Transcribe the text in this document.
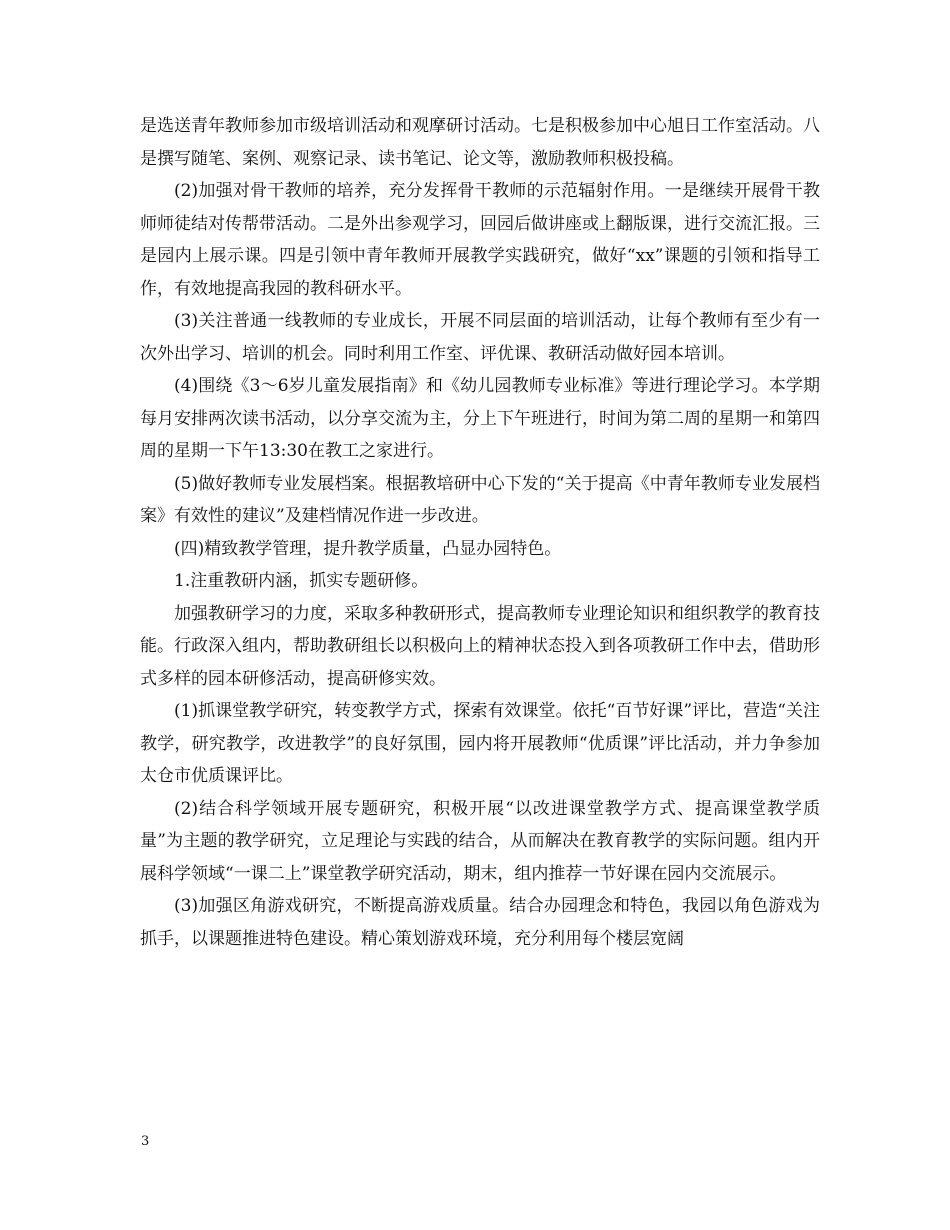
是选送青年教师参加市级培训活动和观摩研讨活动。七是积极参加中心旭日工作室活动。八是撰写随笔、案例、观察记录、读书笔记、论文等，激励教师积极投稿。

(2)加强对骨干教师的培养，充分发挥骨干教师的示范辐射作用。一是继续开展骨干教师师徒结对传帮带活动。二是外出参观学习，回园后做讲座或上翻版课，进行交流汇报。三是园内上展示课。四是引领中青年教师开展教学实践研究，做好“xx”课题的引领和指导工作，有效地提高我园的教科研水平。

(3)关注普通一线教师的专业成长，开展不同层面的培训活动，让每个教师有至少有一次外出学习、培训的机会。同时利用工作室、评优课、教研活动做好园本培训。

(4)围绕《3～6岁儿童发展指南》和《幼儿园教师专业标准》等进行理论学习。本学期每月安排两次读书活动，以分享交流为主，分上下午班进行，时间为第二周的星期一和第四周的星期一下午13:30在教工之家进行。

(5)做好教师专业发展档案。根据教培研中心下发的“关于提高《中青年教师专业发展档案》有效性的建议”及建档情况作进一步改进。

(四)精致教学管理，提升教学质量，凸显办园特色。

1.注重教研内涵，抓实专题研修。

加强教研学习的力度，采取多种教研形式，提高教师专业理论知识和组织教学的教育技能。行政深入组内，帮助教研组长以积极向上的精神状态投入到各项教研工作中去，借助形式多样的园本研修活动，提高研修实效。

(1)抓课堂教学研究，转变教学方式，探索有效课堂。依托“百节好课”评比，营造“关注教学，研究教学，改进教学”的良好氛围，园内将开展教师“优质课”评比活动，并力争参加太仓市优质课评比。

(2)结合科学领域开展专题研究，积极开展“以改进课堂教学方式、提高课堂教学质量”为主题的教学研究，立足理论与实践的结合，从而解决在教育教学的实际问题。组内开展科学领域“一课二上”课堂教学研究活动，期末，组内推荐一节好课在园内交流展示。

(3)加强区角游戏研究，不断提高游戏质量。结合办园理念和特色，我园以角色游戏为抓手，以课题推进特色建设。精心策划游戏环境，充分利用每个楼层宽阔

3
